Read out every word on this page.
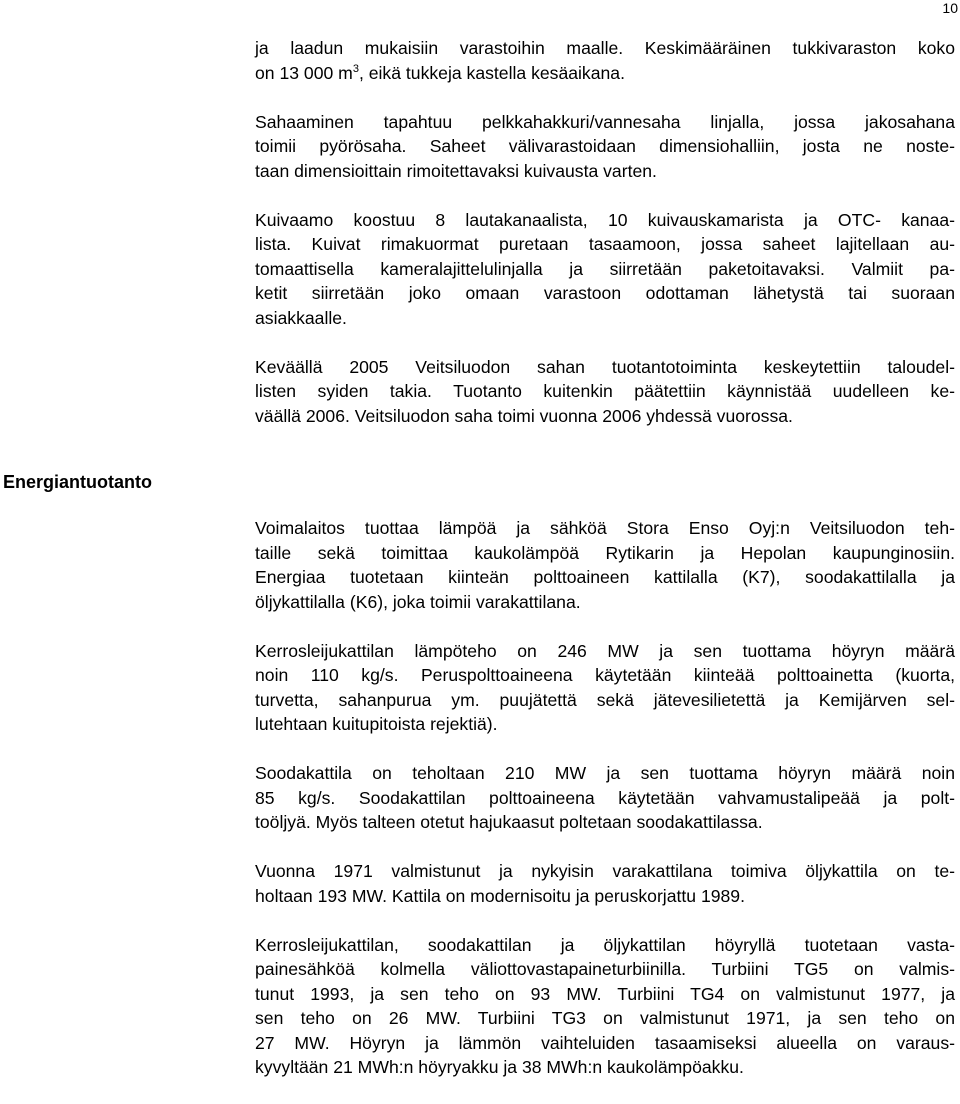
10

ja laadun mukaisiin varastoihin maalle. Keskimääräinen tukkivaraston koko
on 13 000 $m^3$, eikä tukkeja kastella kesäaikana.

Sahaaminen tapahtuu pelkkahakkuri/vannesaha linjalla, jossa jakosahana
toimii pyörösaha. Saheet välivarastoidaan dimensiohalliin, josta ne noste-
taan dimensioittain rimoitettavaksi kuivausta varten.

Kuivaamo koostuu 8 lautakanaalista, 10 kuivauskamarista ja OTC- kanaa-
lista. Kuivat rimakuormat puretaan tasaamoon, jossa saheet lajitellaan au-
tomaattisella kameralajittelulinjalla ja siirretään paketoitavaksi. Valmiit pa-
ketit siirretään joko omaan varastoon odottaman lähetystä tai suoraan
asiakkaalle.

Keväällä 2005 Veitsiluodon sahan tuotantotoiminta keskeytettiin taloudel-
listen syiden takia. Tuotanto kuitenkin päätettiin käynnistää uudelleen ke-
väällä 2006. Veitsiluodon saha toimi vuonna 2006 yhdessä vuorossa.

Energiantuotanto

Voimalaitos tuottaa lämpöä ja sähköä Stora Enso Oyj:n Veitsiluodon teh-
taille sekä toimittaa kaukolämpöä Rytikarin ja Hepolan kaupunginosiin.
Energiaa tuotetaan kiinteän polttoaineen kattilalla (K7), soodakattilalla ja
öljykattilalla (K6), joka toimii varakattilana.

Kerrosleijukattilan lämpöteho on 246 MW ja sen tuottama höyryn määrä
noin 110 kg/s. Peruspolttoaineena käytetään kiinteää polttoainetta (kuorta,
turvetta, sahanpurua ym. puujätettä sekä jätevesilietettä ja Kemijärven sel-
lutehtaan kuitupitoista rejektiä).

Soodakattila on teholtaan 210 MW ja sen tuottama höyryn määrä noin
85 kg/s. Soodakattilan polttoaineena käytetään vahvamustalipeää ja polt-
toöljyä. Myös talteen otetut hajukaasut poltetaan soodakattilassa.

Vuonna 1971 valmistunut ja nykyisin varakattilana toimiva öljykattila on te-
holtaan 193 MW. Kattila on modernisoitu ja peruskorjattu 1989.

Kerrosleijukattilan, soodakattilan ja öljykattilan höyryllä tuotetaan vasta-
painesähköä kolmella väliottovastapaineturbiinilla. Turbiini TG5 on valmis-
tunut 1993, ja sen teho on 93 MW. Turbiini TG4 on valmistunut 1977, ja
sen teho on 26 MW. Turbiini TG3 on valmistunut 1971, ja sen teho on
27 MW. Höyryn ja lämmön vaihteluiden tasaamiseksi alueella on varaus-
kyvyltään 21 MWh:n höyryakku ja 38 MWh:n kaukolämpöakku.
